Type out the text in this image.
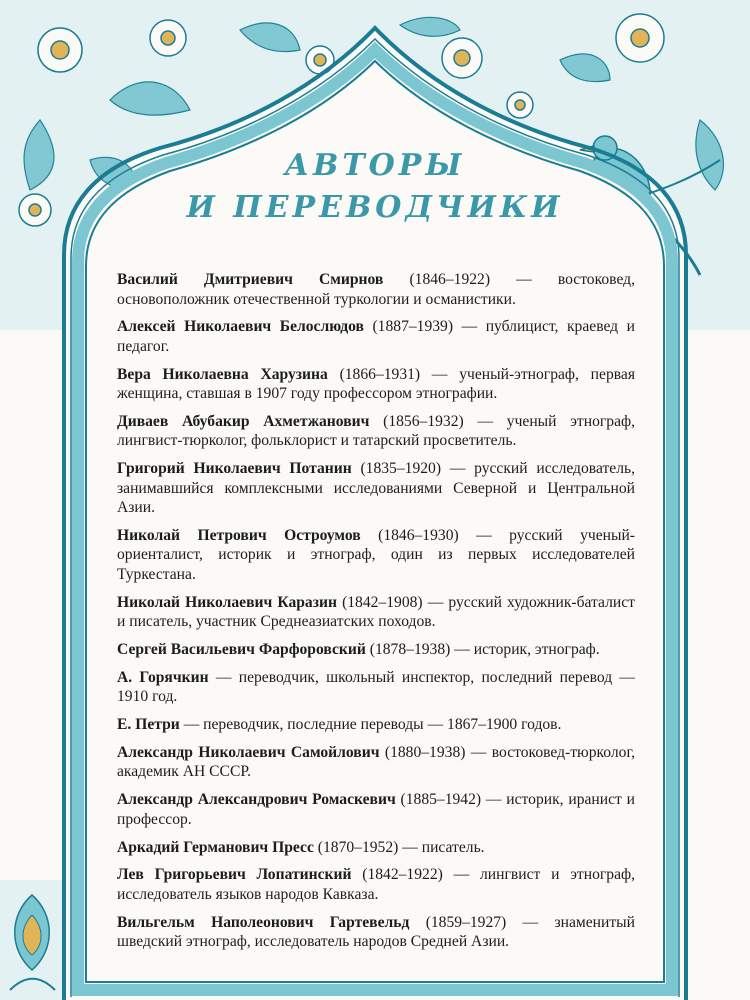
АВТОРЫ
И ПЕРЕВОДЧИКИ

Василий Дмитриевич Смирнов (1846–1922) — востоковед, основоположник отечественной туркологии и османистики.

Алексей Николаевич Белослюдов (1887–1939) — публицист, краевед и педагог.

Вера Николаевна Харузина (1866–1931) — ученый-этнограф, первая женщина, ставшая в 1907 году профессором этнографии.

Диваев Абубакир Ахметжанович (1856–1932) — ученый этнограф, лингвист-тюрколог, фольклорист и татарский просветитель.

Григорий Николаевич Потанин (1835–1920) — русский исследователь, занимавшийся комплексными исследованиями Северной и Центральной Азии.

Николай Петрович Остроумов (1846–1930) — русский ученый-ориенталист, историк и этнограф, один из первых исследователей Туркестана.

Николай Николаевич Каразин (1842–1908) — русский художник-баталист и писатель, участник Среднеазиатских походов.

Сергей Васильевич Фарфоровский (1878–1938) — историк, этнограф.

А. Горячкин — переводчик, школьный инспектор, последний перевод — 1910 год.

Е. Петри — переводчик, последние переводы — 1867–1900 годов.

Александр Николаевич Самойлович (1880–1938) — востоковед-тюрколог, академик АН СССР.

Александр Александрович Ромаскевич (1885–1942) — историк, иранист и профессор.

Аркадий Германович Пресс (1870–1952) — писатель.

Лев Григорьевич Лопатинский (1842–1922) — лингвист и этнограф, исследователь языков народов Кавказа.

Вильгельм Наполеонович Гартевельд (1859–1927) — знаменитый шведский этнограф, исследователь народов Средней Азии.
